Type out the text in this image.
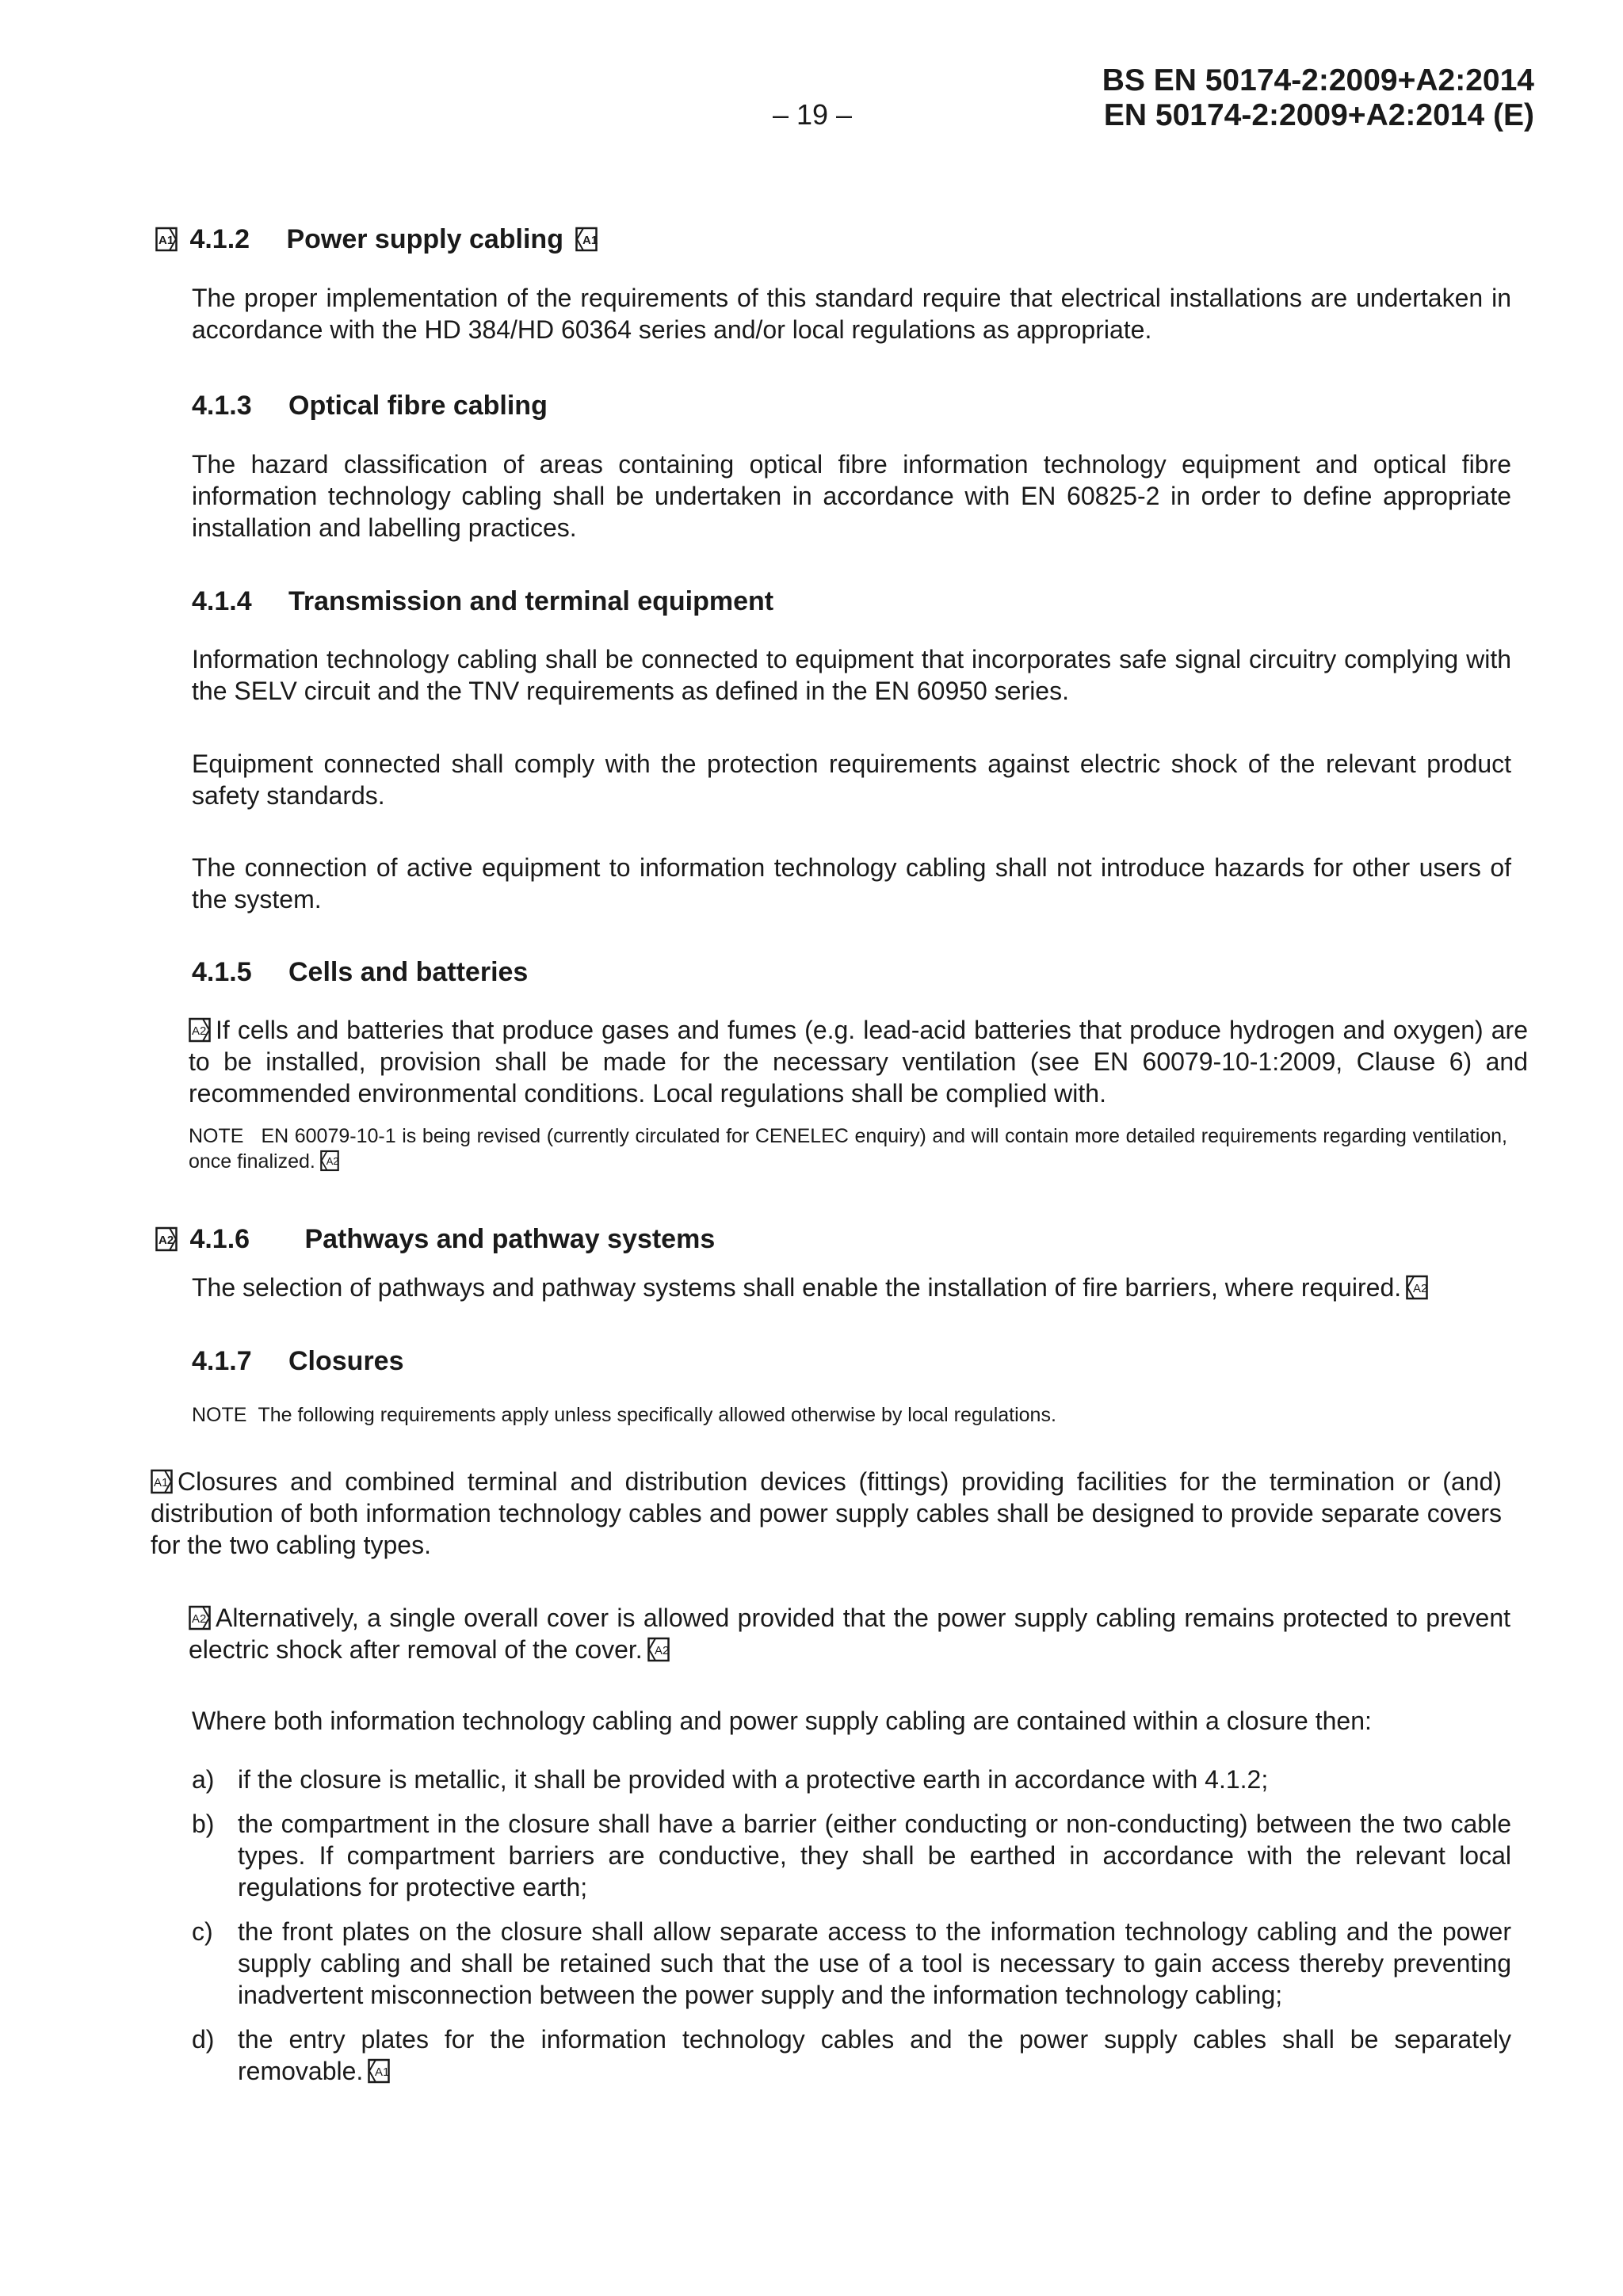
– 19 –
BS EN 50174-2:2009+A2:2014
EN 50174-2:2009+A2:2014 (E)
A1 4.1.2 Power supply cabling A1
The proper implementation of the requirements of this standard require that electrical installations are undertaken in accordance with the HD 384/HD 60364 series and/or local regulations as appropriate.
4.1.3 Optical fibre cabling
The hazard classification of areas containing optical fibre information technology equipment and optical fibre information technology cabling shall be undertaken in accordance with EN 60825-2 in order to define appropriate installation and labelling practices.
4.1.4 Transmission and terminal equipment
Information technology cabling shall be connected to equipment that incorporates safe signal circuitry complying with the SELV circuit and the TNV requirements as defined in the EN 60950 series.
Equipment connected shall comply with the protection requirements against electric shock of the relevant product safety standards.
The connection of active equipment to information technology cabling shall not introduce hazards for other users of the system.
4.1.5 Cells and batteries
A2 If cells and batteries that produce gases and fumes (e.g. lead-acid batteries that produce hydrogen and oxygen) are to be installed, provision shall be made for the necessary ventilation (see EN 60079-10-1:2009, Clause 6) and recommended environmental conditions. Local regulations shall be complied with.
NOTE EN 60079-10-1 is being revised (currently circulated for CENELEC enquiry) and will contain more detailed requirements regarding ventilation, once finalized. A2
A2 4.1.6 Pathways and pathway systems
The selection of pathways and pathway systems shall enable the installation of fire barriers, where required. A2
4.1.7 Closures
NOTE The following requirements apply unless specifically allowed otherwise by local regulations.
A1 Closures and combined terminal and distribution devices (fittings) providing facilities for the termination or (and) distribution of both information technology cables and power supply cables shall be designed to provide separate covers for the two cabling types.
A2 Alternatively, a single overall cover is allowed provided that the power supply cabling remains protected to prevent electric shock after removal of the cover. A2
Where both information technology cabling and power supply cabling are contained within a closure then:
a) if the closure is metallic, it shall be provided with a protective earth in accordance with 4.1.2;
b) the compartment in the closure shall have a barrier (either conducting or non-conducting) between the two cable types. If compartment barriers are conductive, they shall be earthed in accordance with the relevant local regulations for protective earth;
c) the front plates on the closure shall allow separate access to the information technology cabling and the power supply cabling and shall be retained such that the use of a tool is necessary to gain access thereby preventing inadvertent misconnection between the power supply and the information technology cabling;
d) the entry plates for the information technology cables and the power supply cables shall be separately removable. A1
